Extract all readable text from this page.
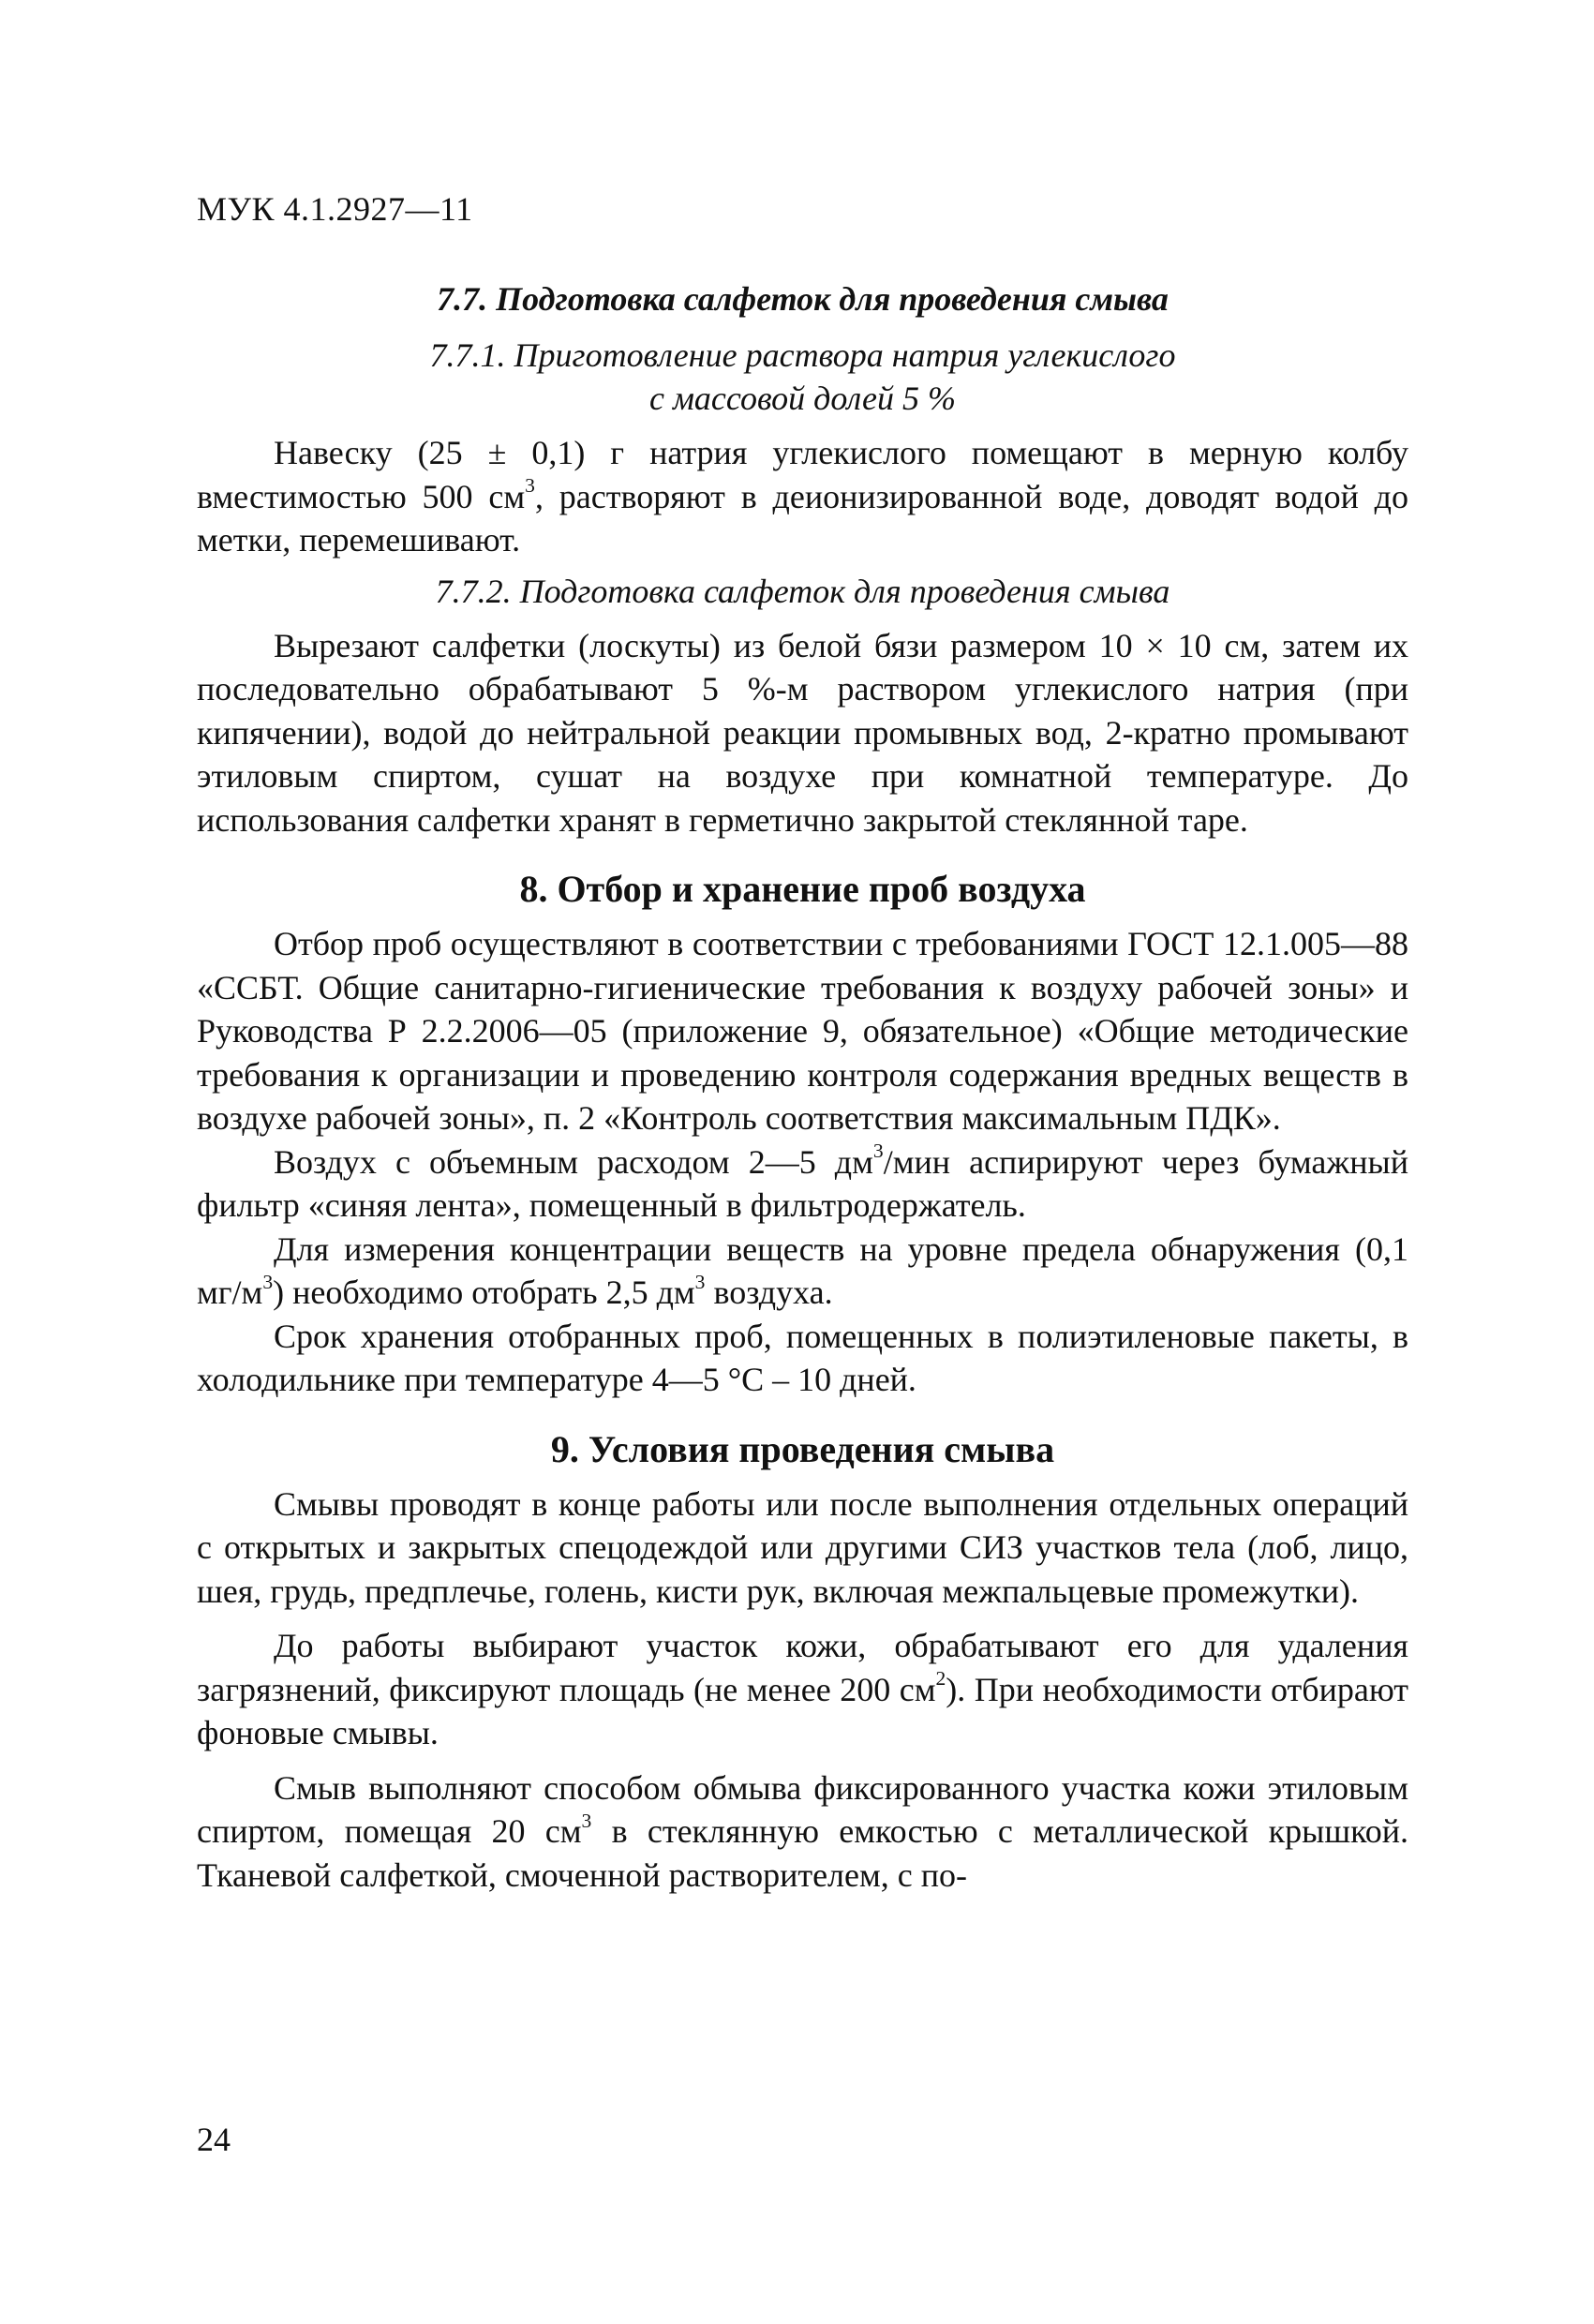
МУК 4.1.2927—11

7.7. Подготовка салфеток для проведения смыва

7.7.1. Приготовление раствора натрия углекислого

с массовой долей 5 %

Навеску (25 ± 0,1) г натрия углекислого помещают в мерную колбу вместимостью 500 $см^3$, растворяют в деионизированной воде, доводят водой до метки, перемешивают.

7.7.2. Подготовка салфеток для проведения смыва

Вырезают салфетки (лоскуты) из белой бязи размером 10 × 10 см, затем их последовательно обрабатывают 5 %-м раствором углекислого натрия (при кипячении), водой до нейтральной реакции промывных вод, 2-кратно промывают этиловым спиртом, сушат на воздухе при комнатной температуре. До использования салфетки хранят в герметично закрытой стеклянной таре.

8. Отбор и хранение проб воздуха

Отбор проб осуществляют в соответствии с требованиями ГОСТ 12.1.005—88 «ССБТ. Общие санитарно-гигиенические требования к воздуху рабочей зоны» и Руководства Р 2.2.2006—05 (приложение 9, обязательное) «Общие методические требования к организации и проведению контроля содержания вредных веществ в воздухе рабочей зоны», п. 2 «Контроль соответствия максимальным ПДК».

Воздух с объемным расходом 2—5 $дм^3$/мин аспирируют через бумажный фильтр «синяя лента», помещенный в фильтродержатель.

Для измерения концентрации веществ на уровне предела обнаружения (0,1 $мг/м^3$) необходимо отобрать 2,5 $дм^3$ воздуха.

Срок хранения отобранных проб, помещенных в полиэтиленовые пакеты, в холодильнике при температуре 4—5 °С – 10 дней.

9. Условия проведения смыва

Смывы проводят в конце работы или после выполнения отдельных операций с открытых и закрытых спецодеждой или другими СИЗ участков тела (лоб, лицо, шея, грудь, предплечье, голень, кисти рук, включая межпальцевые промежутки).

До работы выбирают участок кожи, обрабатывают его для удаления загрязнений, фиксируют площадь (не менее 200 $см^2$). При необходимости отбирают фоновые смывы.

Смыв выполняют способом обмыва фиксированного участка кожи этиловым спиртом, помещая 20 $см^3$ в стеклянную емкостью с металлической крышкой. Тканевой салфеткой, смоченной растворителем, с по-

24
